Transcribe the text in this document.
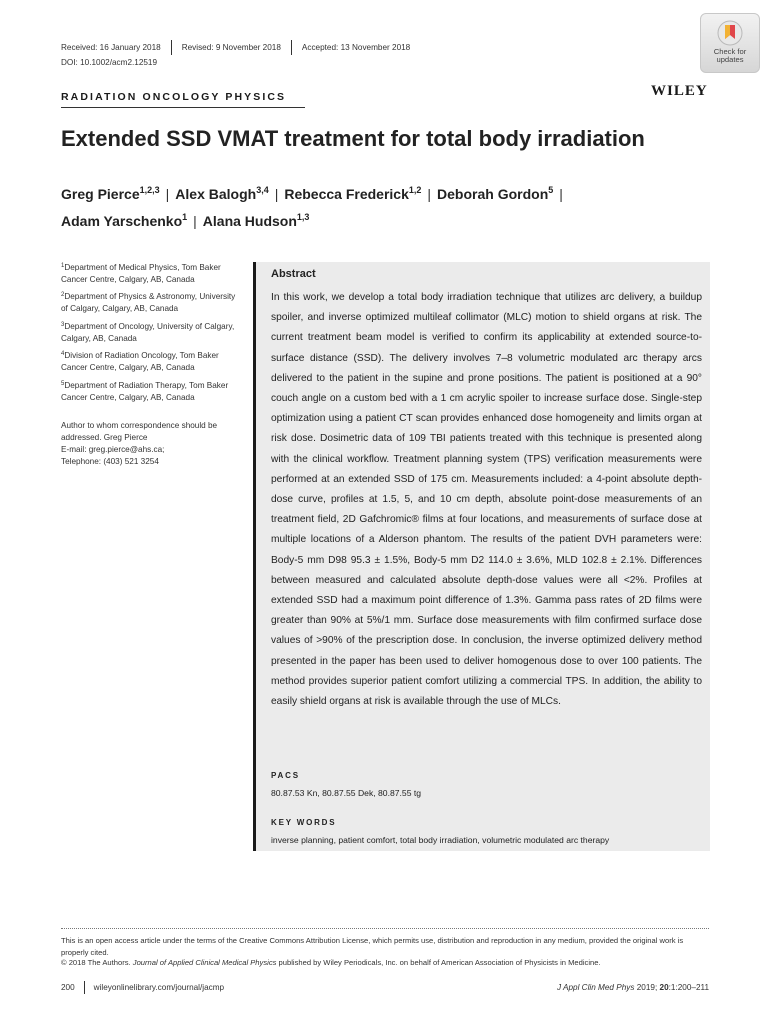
Received: 16 January 2018	Revised: 9 November 2018	Accepted: 13 November 2018
DOI: 10.1002/acm2.12519
Check for
updates
RADIATION ONCOLOGY PHYSICS	WILEY
Extended SSD VMAT treatment for total body irradiation
Greg Pierce$^{1,2,3}$ | Alex Balogh$^{3,4}$ | Rebecca Frederick$^{1,2}$ | Deborah Gordon$^5$ |
Adam Yarschenko$^1$ | Alana Hudson$^{1,3}$
$^1$Department of Medical Physics, Tom Baker Cancer Centre, Calgary, AB, Canada
$^2$Department of Physics & Astronomy, University of Calgary, Calgary, AB, Canada
$^3$Department of Oncology, University of Calgary, Calgary, AB, Canada
$^4$Division of Radiation Oncology, Tom Baker Cancer Centre, Calgary, AB, Canada
$^5$Department of Radiation Therapy, Tom Baker Cancer Centre, Calgary, AB, Canada
Author to whom correspondence should be addressed. Greg Pierce
E-mail: greg.pierce@ahs.ca;
Telephone: (403) 521 3254
Abstract
In this work, we develop a total body irradiation technique that utilizes arc delivery, a buildup spoiler, and inverse optimized multileaf collimator (MLC) motion to shield organs at risk. The current treatment beam model is verified to confirm its applicability at extended source-to-surface distance (SSD). The delivery involves 7–8 volumetric modulated arc therapy arcs delivered to the patient in the supine and prone positions. The patient is positioned at a 90° couch angle on a custom bed with a 1 cm acrylic spoiler to increase surface dose. Single-step optimization using a patient CT scan provides enhanced dose homogeneity and limits organ at risk dose. Dosimetric data of 109 TBI patients treated with this technique is presented along with the clinical workflow. Treatment planning system (TPS) verification measurements were performed at an extended SSD of 175 cm. Measurements included: a 4-point absolute depth-dose curve, profiles at 1.5, 5, and 10 cm depth, absolute point-dose measurements of an treatment field, 2D Gafchromic® films at four locations, and measurements of surface dose at multiple locations of a Alderson phantom. The results of the patient DVH parameters were: Body-5 mm D98 95.3 ± 1.5%, Body-5 mm D2 114.0 ± 3.6%, MLD 102.8 ± 2.1%. Differences between measured and calculated absolute depth-dose values were all <2%. Profiles at extended SSD had a maximum point difference of 1.3%. Gamma pass rates of 2D films were greater than 90% at 5%/1 mm. Surface dose measurements with film confirmed surface dose values of >90% of the prescription dose. In conclusion, the inverse optimized delivery method presented in the paper has been used to deliver homogenous dose to over 100 patients. The method provides superior patient comfort utilizing a commercial TPS. In addition, the ability to easily shield organs at risk is available through the use of MLCs.
PACS
80.87.53 Kn, 80.87.55 Dek, 80.87.55 tg
KEY WORDS
inverse planning, patient comfort, total body irradiation, volumetric modulated arc therapy
This is an open access article under the terms of the Creative Commons Attribution License, which permits use, distribution and reproduction in any medium, provided the original work is properly cited.
© 2018 The Authors. Journal of Applied Clinical Medical Physics published by Wiley Periodicals, Inc. on behalf of American Association of Physicists in Medicine.
200 wileyonlinelibrary.com/journal/jacmp	J Appl Clin Med Phys 2019; 20:1:200–211
